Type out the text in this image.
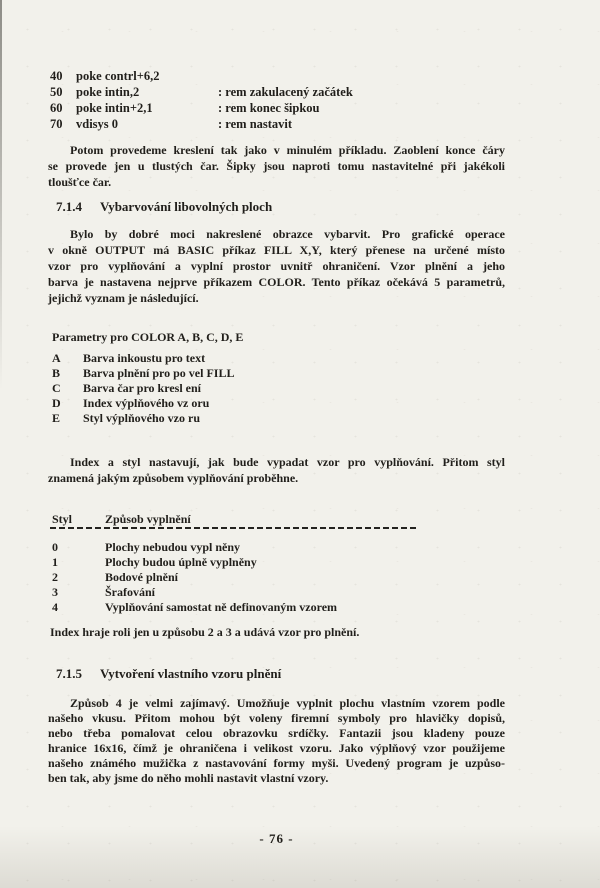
40	poke contrl+6,2
50	poke intin,2	: rem zakulacený začátek
60	poke intin+2,1	: rem konec šipkou
70	vdisys 0	: rem nastavit
Potom provedeme kreslení tak jako v minulém příkladu. Zaoblení konce čáry
se provede jen u tlustých čar. Šipky jsou naproti tomu nastavitelné při jakékoli
tloušťce čar.
7.1.4	Vybarvování libovolných ploch
Bylo by dobré moci nakreslené obrazce vybarvit. Pro grafické operace
v okně OUTPUT má BASIC příkaz FILL X,Y, který přenese na určené místo
vzor pro vyplňování a vyplní prostor uvnitř ohraničení. Vzor plnění a jeho
barva je nastavena nejprve příkazem COLOR. Tento příkaz očekává 5 parametrů,
jejichž vyznam je následující.
Parametry pro COLOR A, B, C, D, E
A	Barva inkoustu pro text
B	Barva plnění pro po vel FILL
C	Barva čar pro kresl ení
D	Index výplňového vz oru
E	Styl výplňového vzo ru
Index a styl nastavují, jak bude vypadat vzor pro vyplňování. Přitom styl
znamená jakým způsobem vyplňování proběhne.
Styl	Způsob vyplnění
0	Plochy nebudou vypl něny
1	Plochy budou úplně vyplněny
2	Bodové plnění
3	Šrafování
4	Vyplňování samostat ně definovaným vzorem
Index hraje roli jen u způsobu 2 a 3 a udává vzor pro plnění.
7.1.5	Vytvoření vlastního vzoru plnění
Způsob 4 je velmi zajímavý. Umožňuje vyplnit plochu vlastním vzorem podle
našeho vkusu. Přitom mohou být voleny firemní symboly pro hlavičky dopisů,
nebo třeba pomalovat celou obrazovku srdíčky. Fantazii jsou kladeny pouze
hranice 16x16, čímž je ohraničena i velikost vzoru. Jako výplňový vzor použijeme
našeho známého mužička z nastavování formy myši. Uvedený program je uzpůso-
ben tak, aby jsme do něho mohli nastavit vlastní vzory.
- 76 -
